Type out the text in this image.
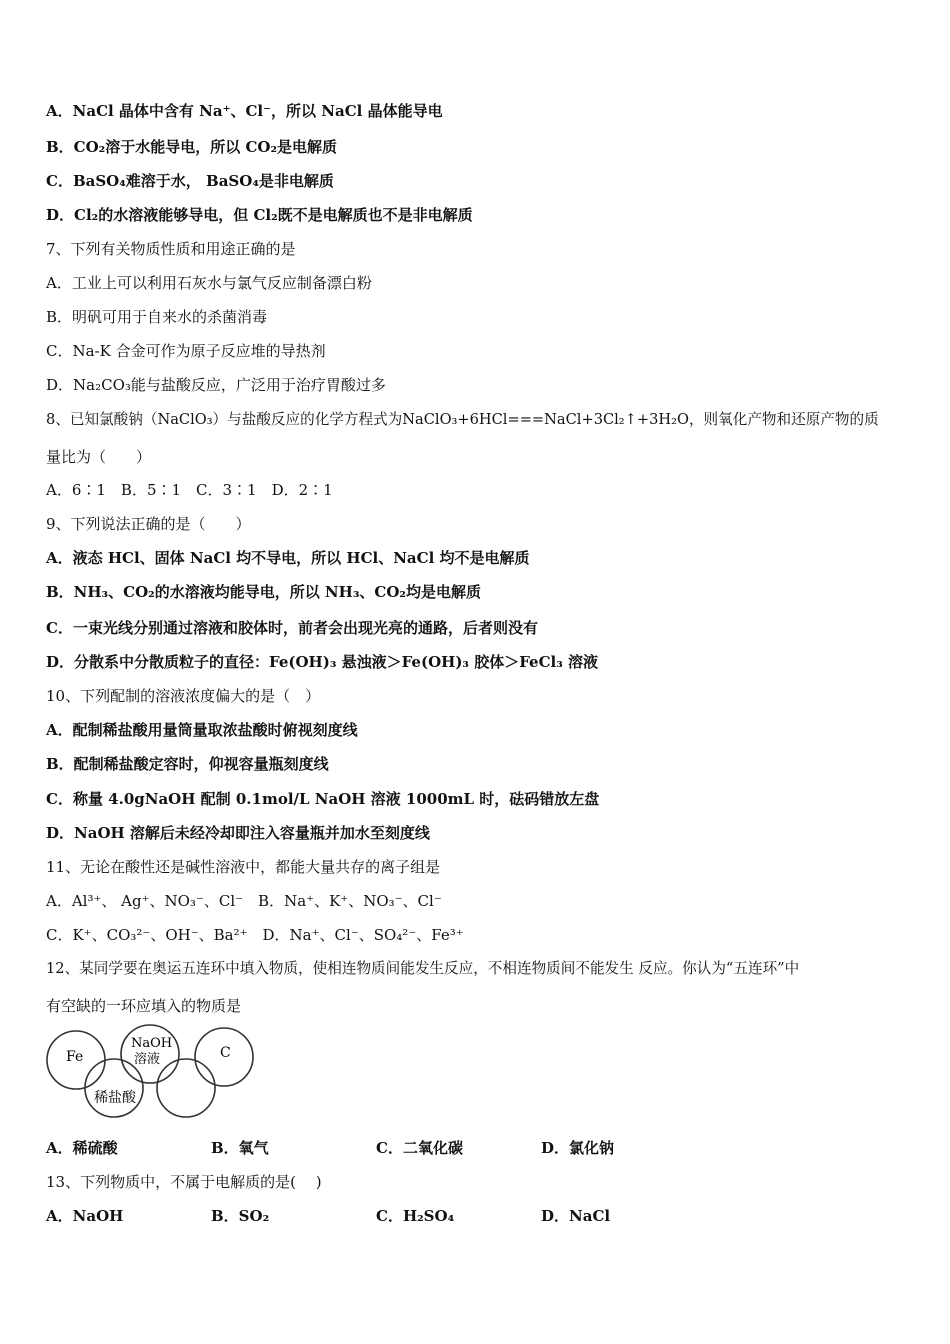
A．NaCl 晶体中含有 Na⁺、Cl⁻，所以 NaCl 晶体能导电
B．CO₂溶于水能导电，所以 CO₂是电解质
C．BaSO₄难溶于水， BaSO₄是非电解质
D．Cl₂的水溶液能够导电，但 Cl₂既不是电解质也不是非电解质
7、下列有关物质性质和用途正确的是
A．工业上可以利用石灰水与氯气反应制备漂白粉
B．明矾可用于自来水的杀菌消毒
C．Na-K 合金可作为原子反应堆的导热剂
D．Na₂CO₃能与盐酸反应，广泛用于治疗胃酸过多
8、已知氯酸钠（NaClO₃）与盐酸反应的化学方程式为NaClO₃+6HCl===NaCl+3Cl₂↑+3H₂O，则氧化产物和还原产物的质
量比为（　　）
A．6∶1　B．5∶1　C．3∶1　D．2∶1
9、下列说法正确的是（　　）
A．液态 HCl、固体 NaCl 均不导电，所以 HCl、NaCl 均不是电解质
B．NH₃、CO₂的水溶液均能导电，所以 NH₃、CO₂均是电解质
C．一束光线分别通过溶液和胶体时，前者会出现光亮的通路，后者则没有
D．分散系中分散质粒子的直径：Fe(OH)₃ 悬浊液＞Fe(OH)₃ 胶体＞FeCl₃ 溶液
10、下列配制的溶液浓度偏大的是（　）
A．配制稀盐酸用量筒量取浓盐酸时俯视刻度线
B．配制稀盐酸定容时，仰视容量瓶刻度线
C．称量 4.0gNaOH 配制 0.1mol/L NaOH 溶液 1000mL 时，砝码错放左盘
D．NaOH 溶解后未经冷却即注入容量瓶并加水至刻度线
11、无论在酸性还是碱性溶液中，都能大量共存的离子组是
A．Al³⁺、 Ag⁺、NO₃⁻、Cl⁻　B．Na⁺、K⁺、NO₃⁻、Cl⁻
C．K⁺、CO₃²⁻、OH⁻、Ba²⁺　D．Na⁺、Cl⁻、SO₄²⁻、Fe³⁺
12、某同学要在奥运五连环中填入物质，使相连物质间能发生反应，不相连物质间不能发生 反应。你认为“五连环”中
有空缺的一环应填入的物质是
Fe
NaOH
溶液	C
稀盐酸
A．稀硫酸	B．氧气	C．二氧化碳	D．氯化钠
13、下列物质中，不属于电解质的是(　 )
A．NaOH	B．SO₂	C．H₂SO₄	D．NaCl
